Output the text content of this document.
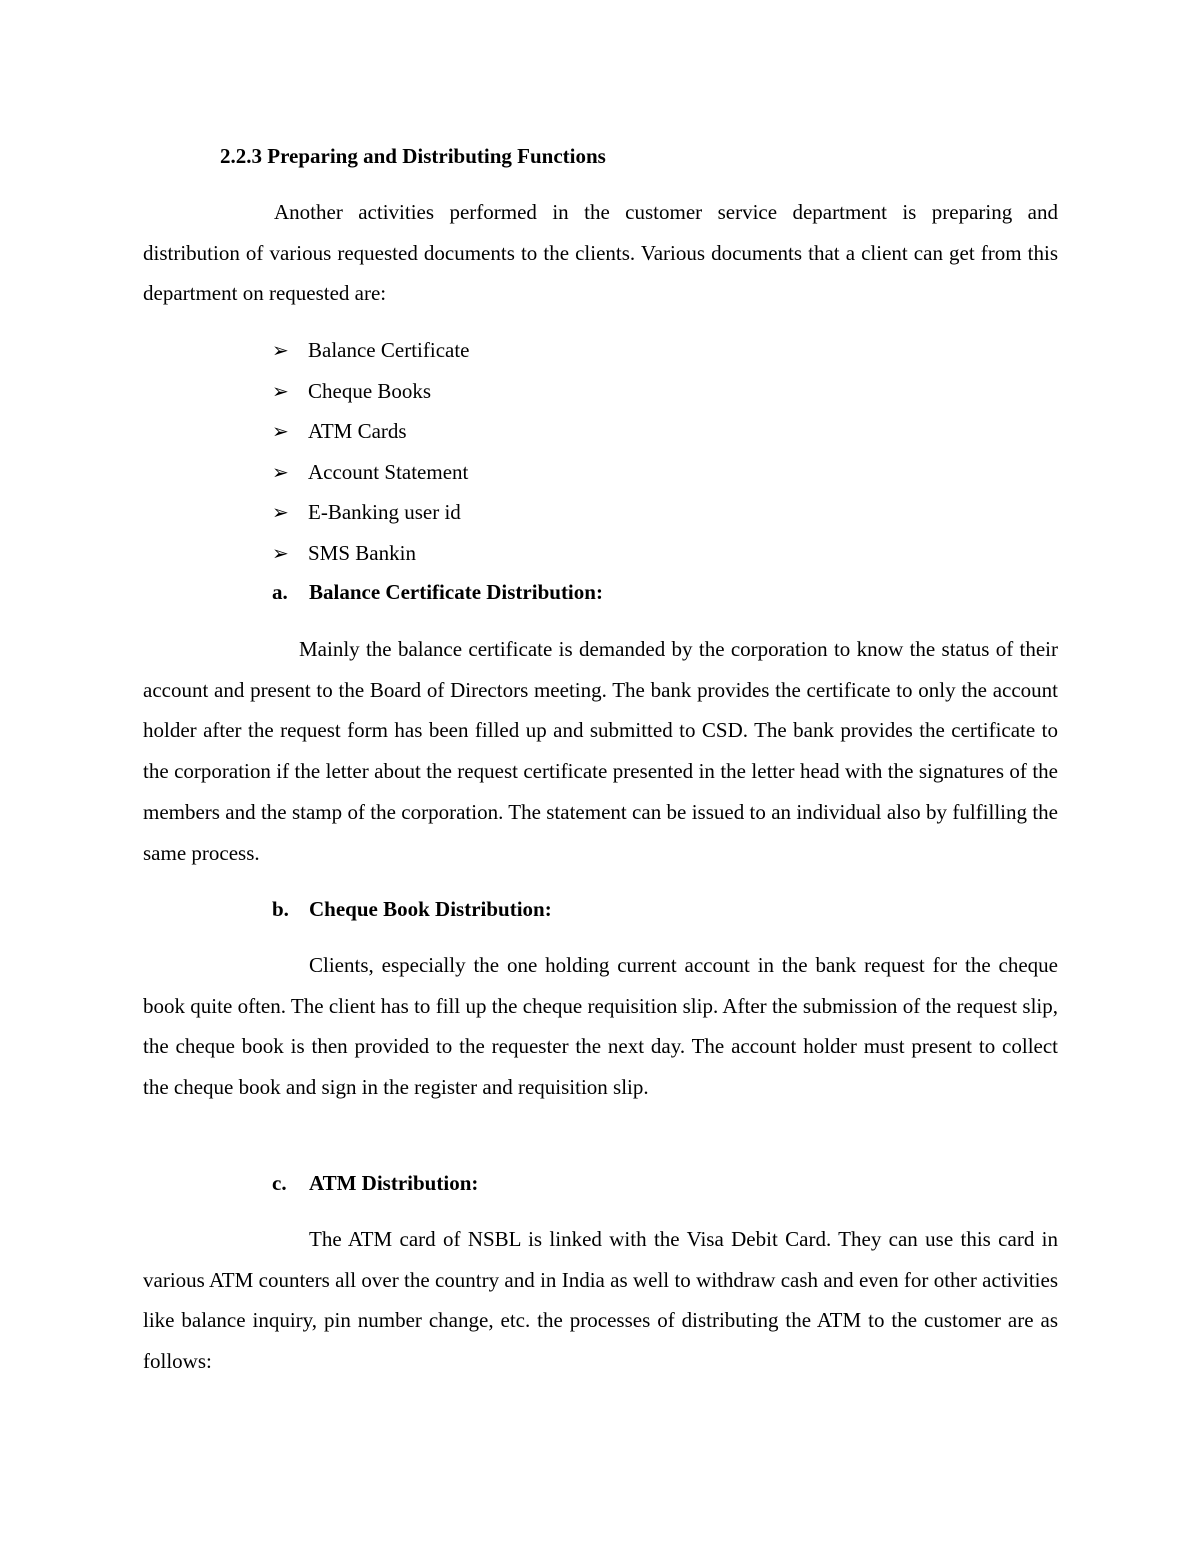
2.2.3 Preparing and Distributing Functions

Another activities performed in the customer service department is preparing and distribution of various requested documents to the clients. Various documents that a client can get from this department on requested are:

➢ Balance Certificate
➢ Cheque Books
➢ ATM Cards
➢ Account Statement
➢ E-Banking user id
➢ SMS Bankin
a. Balance Certificate Distribution:

Mainly the balance certificate is demanded by the corporation to know the status of their account and present to the Board of Directors meeting. The bank provides the certificate to only the account holder after the request form has been filled up and submitted to CSD. The bank provides the certificate to the corporation if the letter about the request certificate presented in the letter head with the signatures of the members and the stamp of the corporation. The statement can be issued to an individual also by fulfilling the same process.

b. Cheque Book Distribution:

Clients, especially the one holding current account in the bank request for the cheque book quite often. The client has to fill up the cheque requisition slip. After the submission of the request slip, the cheque book is then provided to the requester the next day. The account holder must present to collect the cheque book and sign in the register and requisition slip.

c. ATM Distribution:

The ATM card of NSBL is linked with the Visa Debit Card. They can use this card in various ATM counters all over the country and in India as well to withdraw cash and even for other activities like balance inquiry, pin number change, etc. the processes of distributing the ATM to the customer are as follows:
